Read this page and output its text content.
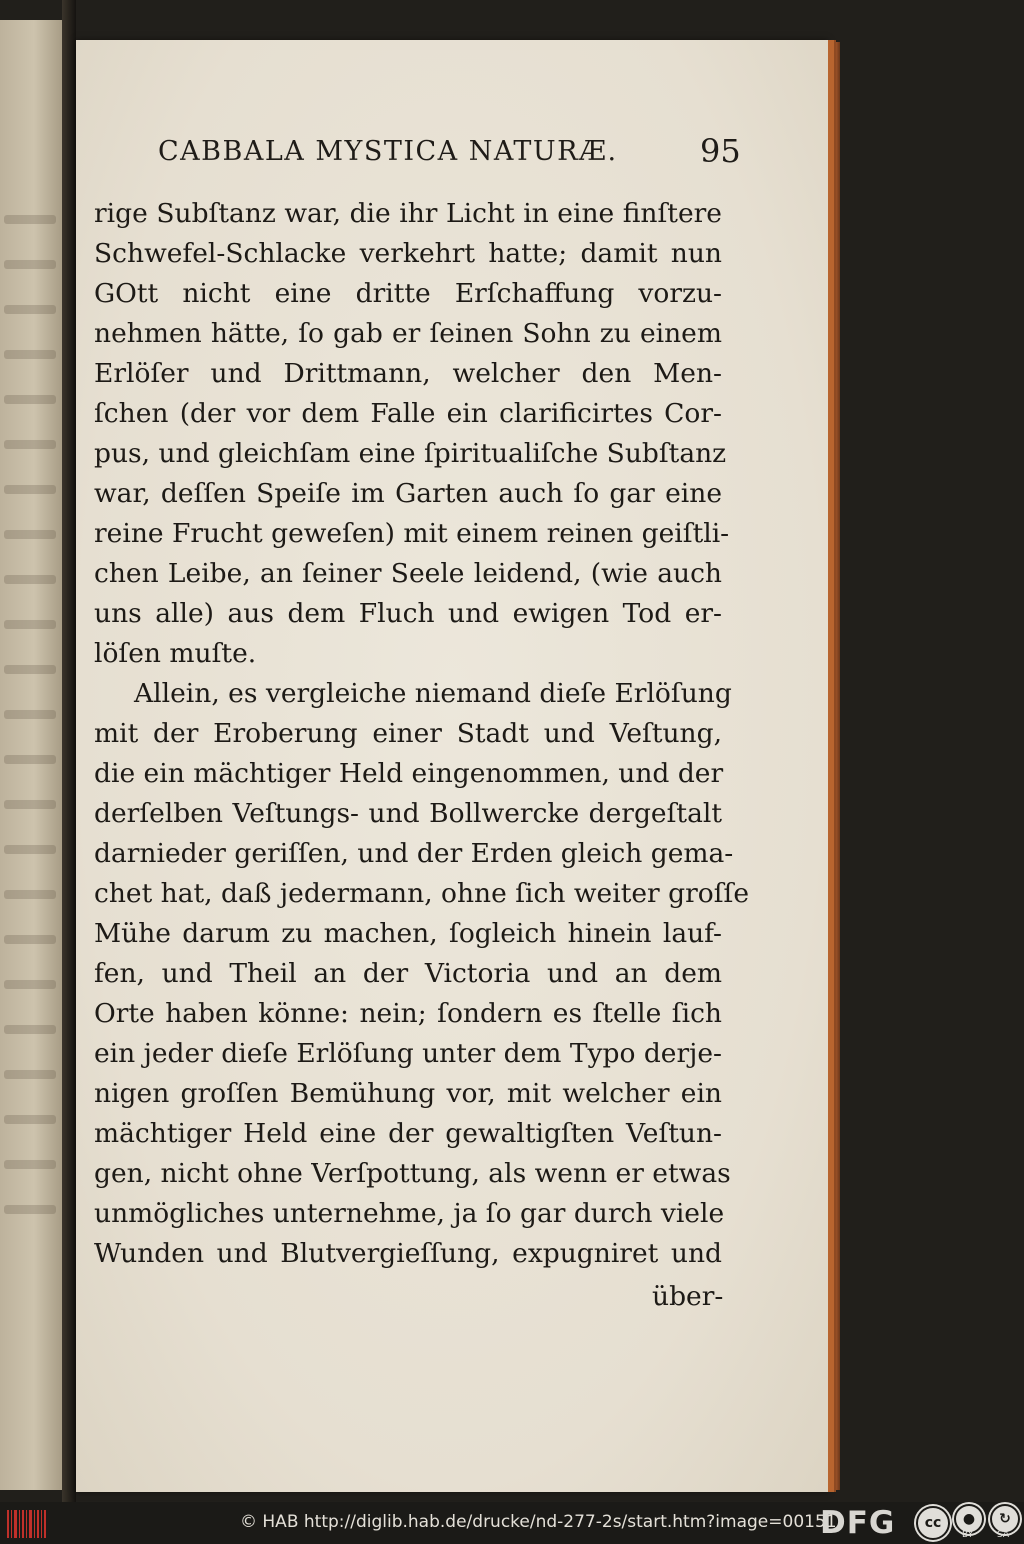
CABBALA MYSTICA NATURÆ.	95
rige Subſtanz war, die ihr Licht in eine finſtere
Schwefel-Schlacke verkehrt hatte; damit nun
GOtt nicht eine dritte Erſchaffung vorzu-
nehmen hätte, ſo gab er ſeinen Sohn zu einem
Erlöſer und Drittmann, welcher den Men-
ſchen (der vor dem Falle ein clarificirtes Cor-
pus, und gleichſam eine ſpiritualiſche Subſtanz
war, deſſen Speiſe im Garten auch ſo gar eine
reine Frucht geweſen) mit einem reinen geiſtli-
chen Leibe, an ſeiner Seele leidend, (wie auch
uns alle) aus dem Fluch und ewigen Tod er-
löſen muſte.
Allein, es vergleiche niemand dieſe Erlöſung
mit der Eroberung einer Stadt und Veſtung,
die ein mächtiger Held eingenommen, und der
derſelben Veſtungs- und Bollwercke dergeſtalt
darnieder geriſſen, und der Erden gleich gema-
chet hat, daß jedermann, ohne ſich weiter groſſe
Mühe darum zu machen, ſogleich hinein lauf-
fen, und Theil an der Victoria und an dem
Orte haben könne: nein; ſondern es ſtelle ſich
ein jeder dieſe Erlöſung unter dem Typo derje-
nigen groſſen Bemühung vor, mit welcher ein
mächtiger Held eine der gewaltigſten Veſtun-
gen, nicht ohne Verſpottung, als wenn er etwas
unmögliches unternehme, ja ſo gar durch viele
Wunden und Blutvergieſſung, expugniret und
über-
© HAB http://diglib.hab.de/drucke/nd-277-2s/start.htm?image=00151
DFG	cc	●
BY
↻
SA
